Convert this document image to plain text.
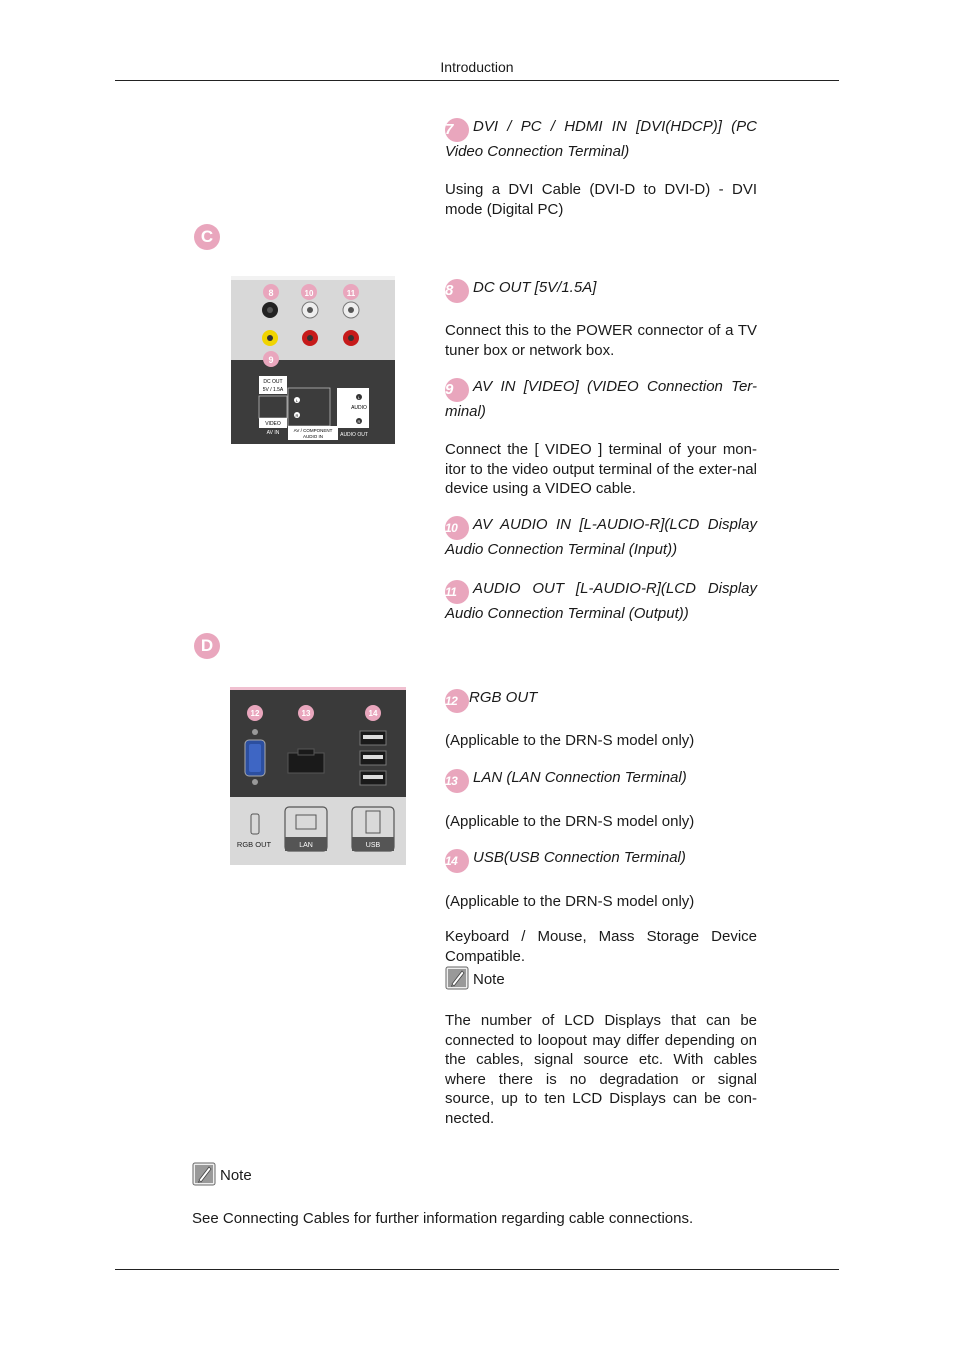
Introduction
7 DVI / PC / HDMI IN [DVI(HDCP)] (PC Video Connection Terminal)
Using a DVI Cable (DVI-D to DVI-D) - DVI mode (Digital PC)
C
8	10	11
9
DC OUT
5V / 1.5A
VIDEO
AV IN
L
R
AV / COMPONENT
AUDIO IN
L
AUDIO
R
AUDIO OUT
8 DC OUT [5V/1.5A]
Connect this to the POWER connector of a TV tuner box or network box.
9 AV IN [VIDEO] (VIDEO Connection Ter-minal)
Connect the [ VIDEO ] terminal of your mon-itor to the video output terminal of the exter-nal device using a VIDEO cable.
10 AV AUDIO IN [L-AUDIO-R](LCD Display Audio Connection Terminal (Input))
11 AUDIO OUT [L-AUDIO-R](LCD Display Audio Connection Terminal (Output))
D
12	13	14
RGB OUT	LAN	USB
12 RGB OUT
(Applicable to the DRN-S model only)
13 LAN (LAN Connection Terminal)
(Applicable to the DRN-S model only)
14 USB(USB Connection Terminal)
(Applicable to the DRN-S model only)
Keyboard / Mouse, Mass Storage Device Compatible.
Note
The number of LCD Displays that can be connected to loopout may differ depending on the cables, signal source etc. With cables where there is no degradation or signal source, up to ten LCD Displays can be con-nected.
Note
See Connecting Cables for further information regarding cable connections.
